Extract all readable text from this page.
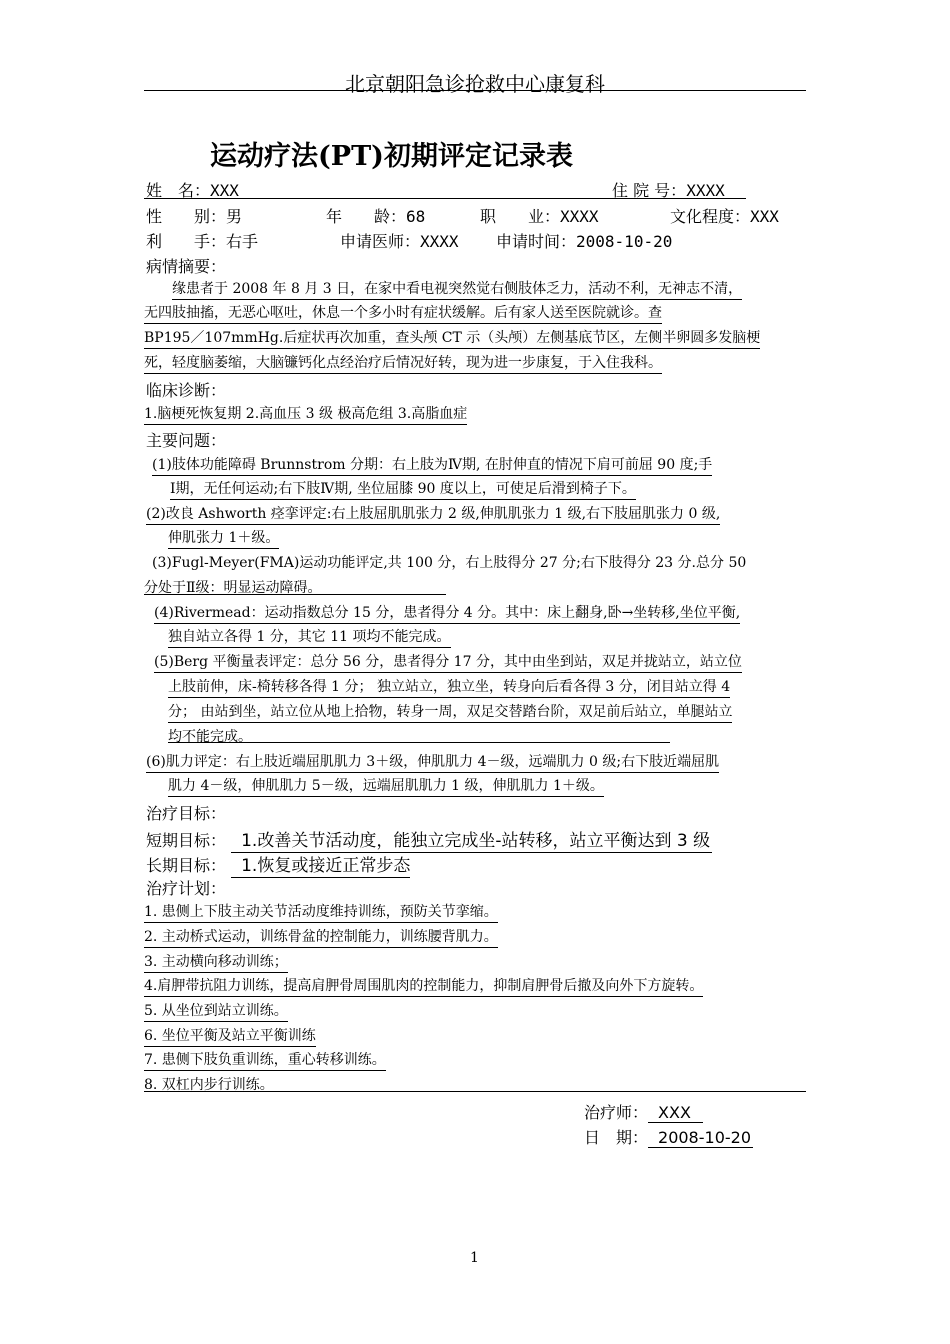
北京朝阳急诊抢救中心康复科
运动疗法(PT)初期评定记录表
姓　名：XXX	住 院 号：XXXX
性　　别：男	年　　龄：68	职　　业：XXXX	文化程度：XXX
利　　手：右手	申请医师：XXXX 申请时间：2008-10-20
病情摘要：
缘患者于 2008 年 8 月 3 日，在家中看电视突然觉右侧肢体乏力，活动不利，无神志不清，
无四肢抽搐，无恶心呕吐，休息一个多小时有症状缓解。后有家人送至医院就诊。查
BP195／107mmHg.后症状再次加重，查头颅 CT 示（头颅）左侧基底节区，左侧半卵圆多发脑梗
死，轻度脑萎缩，大脑镰钙化点经治疗后情况好转，现为进一步康复，于入住我科。
临床诊断：
1.脑梗死恢复期 2.高血压 3 级 极高危组 3.高脂血症
主要问题：
(1)肢体功能障碍 Brunnstrom 分期：右上肢为Ⅳ期, 在肘伸直的情况下肩可前屈 90 度;手
Ⅰ期，无任何运动;右下肢Ⅳ期, 坐位屈膝 90 度以上，可使足后滑到椅子下。
(2)改良 Ashworth 痉挛评定:右上肢屈肌肌张力 2 级,伸肌肌张力 1 级,右下肢屈肌张力 0 级,
伸肌张力 1＋级。
(3)Fugl-Meyer(FMA)运动功能评定,共 100 分，右上肢得分 27 分;右下肢得分 23 分.总分 50
分处于Ⅱ级：明显运动障碍。
(4)Rivermead：运动指数总分 15 分，患者得分 4 分。其中：床上翻身,卧→坐转移,坐位平衡,
独自站立各得 1 分，其它 11 项均不能完成。
(5)Berg 平衡量表评定：总分 56 分，患者得分 17 分，其中由坐到站，双足并拢站立，站立位
上肢前伸，床-椅转移各得 1 分； 独立站立，独立坐，转身向后看各得 3 分，闭目站立得 4
分； 由站到坐，站立位从地上拾物，转身一周，双足交替踏台阶，双足前后站立，单腿站立
均不能完成。
(6)肌力评定：右上肢近端屈肌肌力 3＋级，伸肌肌力 4－级，远端肌力 0 级;右下肢近端屈肌
肌力 4－级，伸肌肌力 5－级，远端屈肌肌力 1 级，伸肌肌力 1＋级。
治疗目标：
短期目标： 1.改善关节活动度，能独立完成坐-站转移，站立平衡达到 3 级
长期目标： 1.恢复或接近正常步态
治疗计划：
1. 患侧上下肢主动关节活动度维持训练，预防关节挛缩。
2. 主动桥式运动，训练骨盆的控制能力，训练腰背肌力。
3. 主动横向移动训练；
4.肩胛带抗阻力训练，提高肩胛骨周围肌肉的控制能力，抑制肩胛骨后撤及向外下方旋转。
5. 从坐位到站立训练。
6. 坐位平衡及站立平衡训练
7. 患侧下肢负重训练，重心转移训练。
8. 双杠内步行训练。
治疗师： XXX
日　期： 2008-10-20
1
